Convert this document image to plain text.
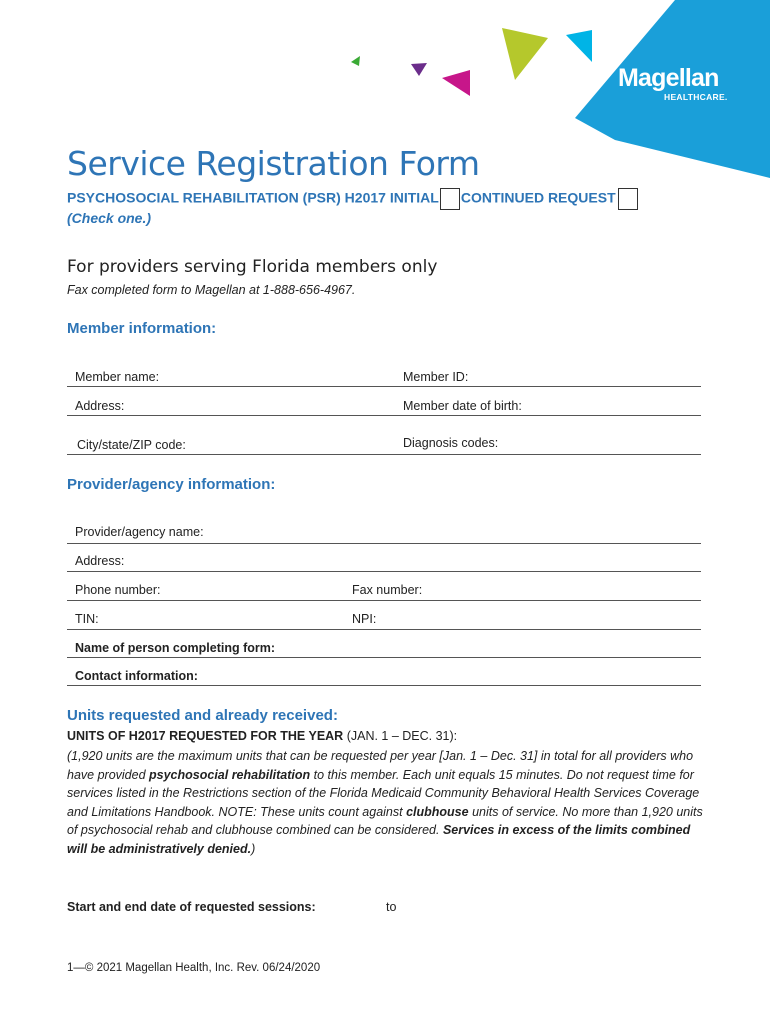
Magellan
HEALTHCARE.
Service Registration Form
PSYCHOSOCIAL REHABILITATION (PSR) H2017 INITIAL CONTINUED REQUEST
(Check one.)
For providers serving Florida members only
Fax completed form to Magellan at 1-888-656-4967.
Member information:
Member name:	Member ID:
Address:	Member date of birth:
City/state/ZIP code:	Diagnosis codes:
Provider/agency information:
Provider/agency name:
Address:
Phone number:	Fax number:
TIN:	NPI:
Name of person completing form:
Contact information:
Units requested and already received:
UNITS OF H2017 REQUESTED FOR THE YEAR (JAN. 1 – DEC. 31):
(1,920 units are the maximum units that can be requested per year [Jan. 1 – Dec. 31] in total for all providers who have provided psychosocial rehabilitation to this member. Each unit equals 15 minutes. Do not request time for services listed in the Restrictions section of the Florida Medicaid Community Behavioral Health Services Coverage and Limitations Handbook. NOTE: These units count against clubhouse units of service. No more than 1,920 units of psychosocial rehab and clubhouse combined can be considered. Services in excess of the limits combined will be administratively denied.)
Start and end date of requested sessions:	to
1—© 2021 Magellan Health, Inc. Rev. 06/24/2020
